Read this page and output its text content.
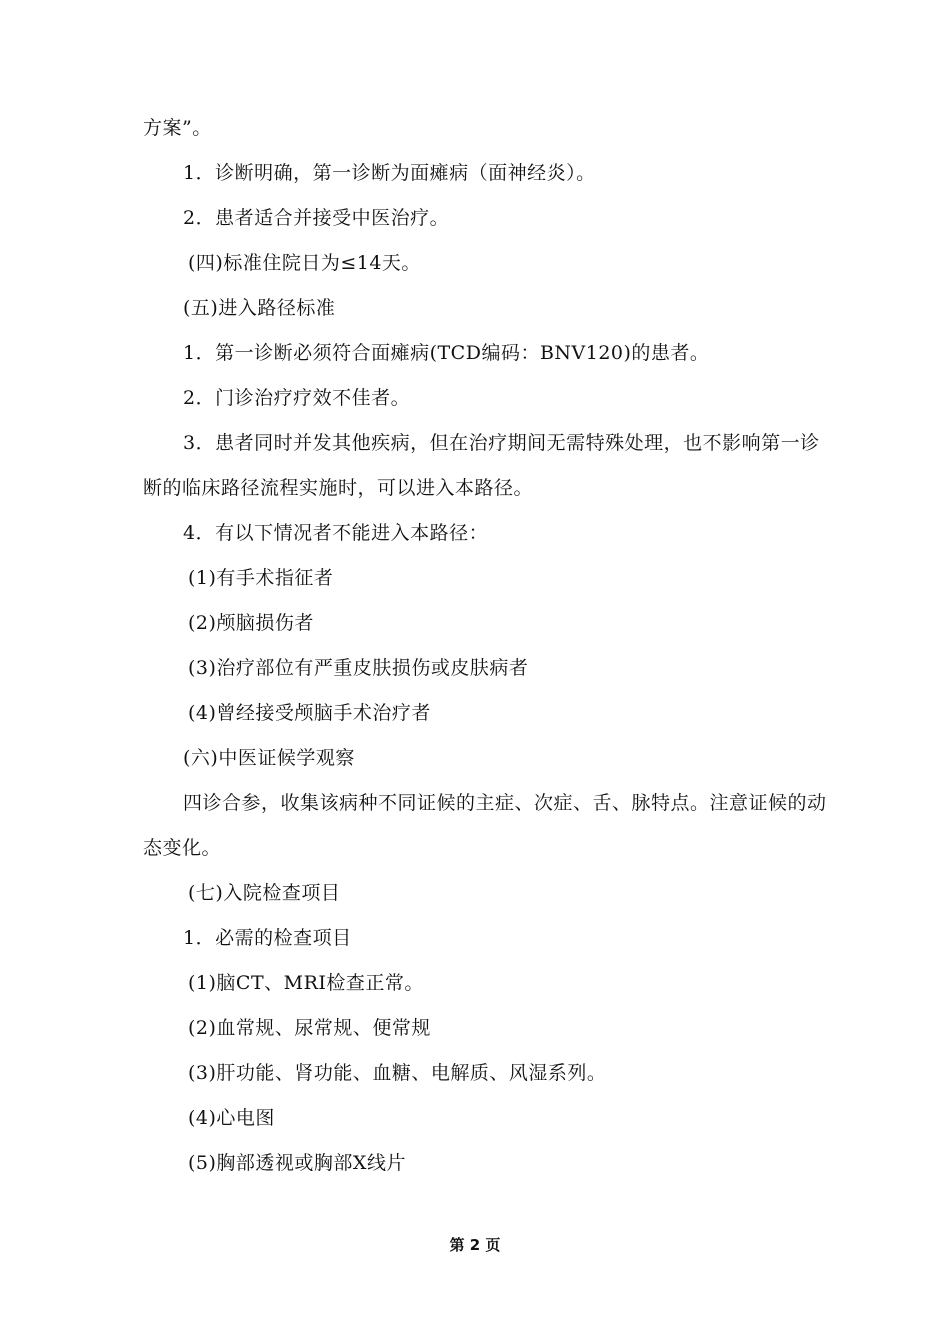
方案”。
1．诊断明确，第一诊断为面瘫病（面神经炎）。
2．患者适合并接受中医治疗。
(四)标准住院日为≤14天。
(五)进入路径标准
1．第一诊断必须符合面瘫病(TCD编码：BNV120)的患者。
2．门诊治疗疗效不佳者。
3．患者同时并发其他疾病，但在治疗期间无需特殊处理，也不影响第一诊
断的临床路径流程实施时，可以进入本路径。
4．有以下情况者不能进入本路径：
(1)有手术指征者
(2)颅脑损伤者
(3)治疗部位有严重皮肤损伤或皮肤病者
(4)曾经接受颅脑手术治疗者
(六)中医证候学观察
四诊合参，收集该病种不同证候的主症、次症、舌、脉特点。注意证候的动
态变化。
(七)入院检查项目
1．必需的检查项目
(1)脑CT、MRI检查正常。
(2)血常规、尿常规、便常规
(3)肝功能、肾功能、血糖、电解质、风湿系列。
(4)心电图
(5)胸部透视或胸部X线片
第 2 页
